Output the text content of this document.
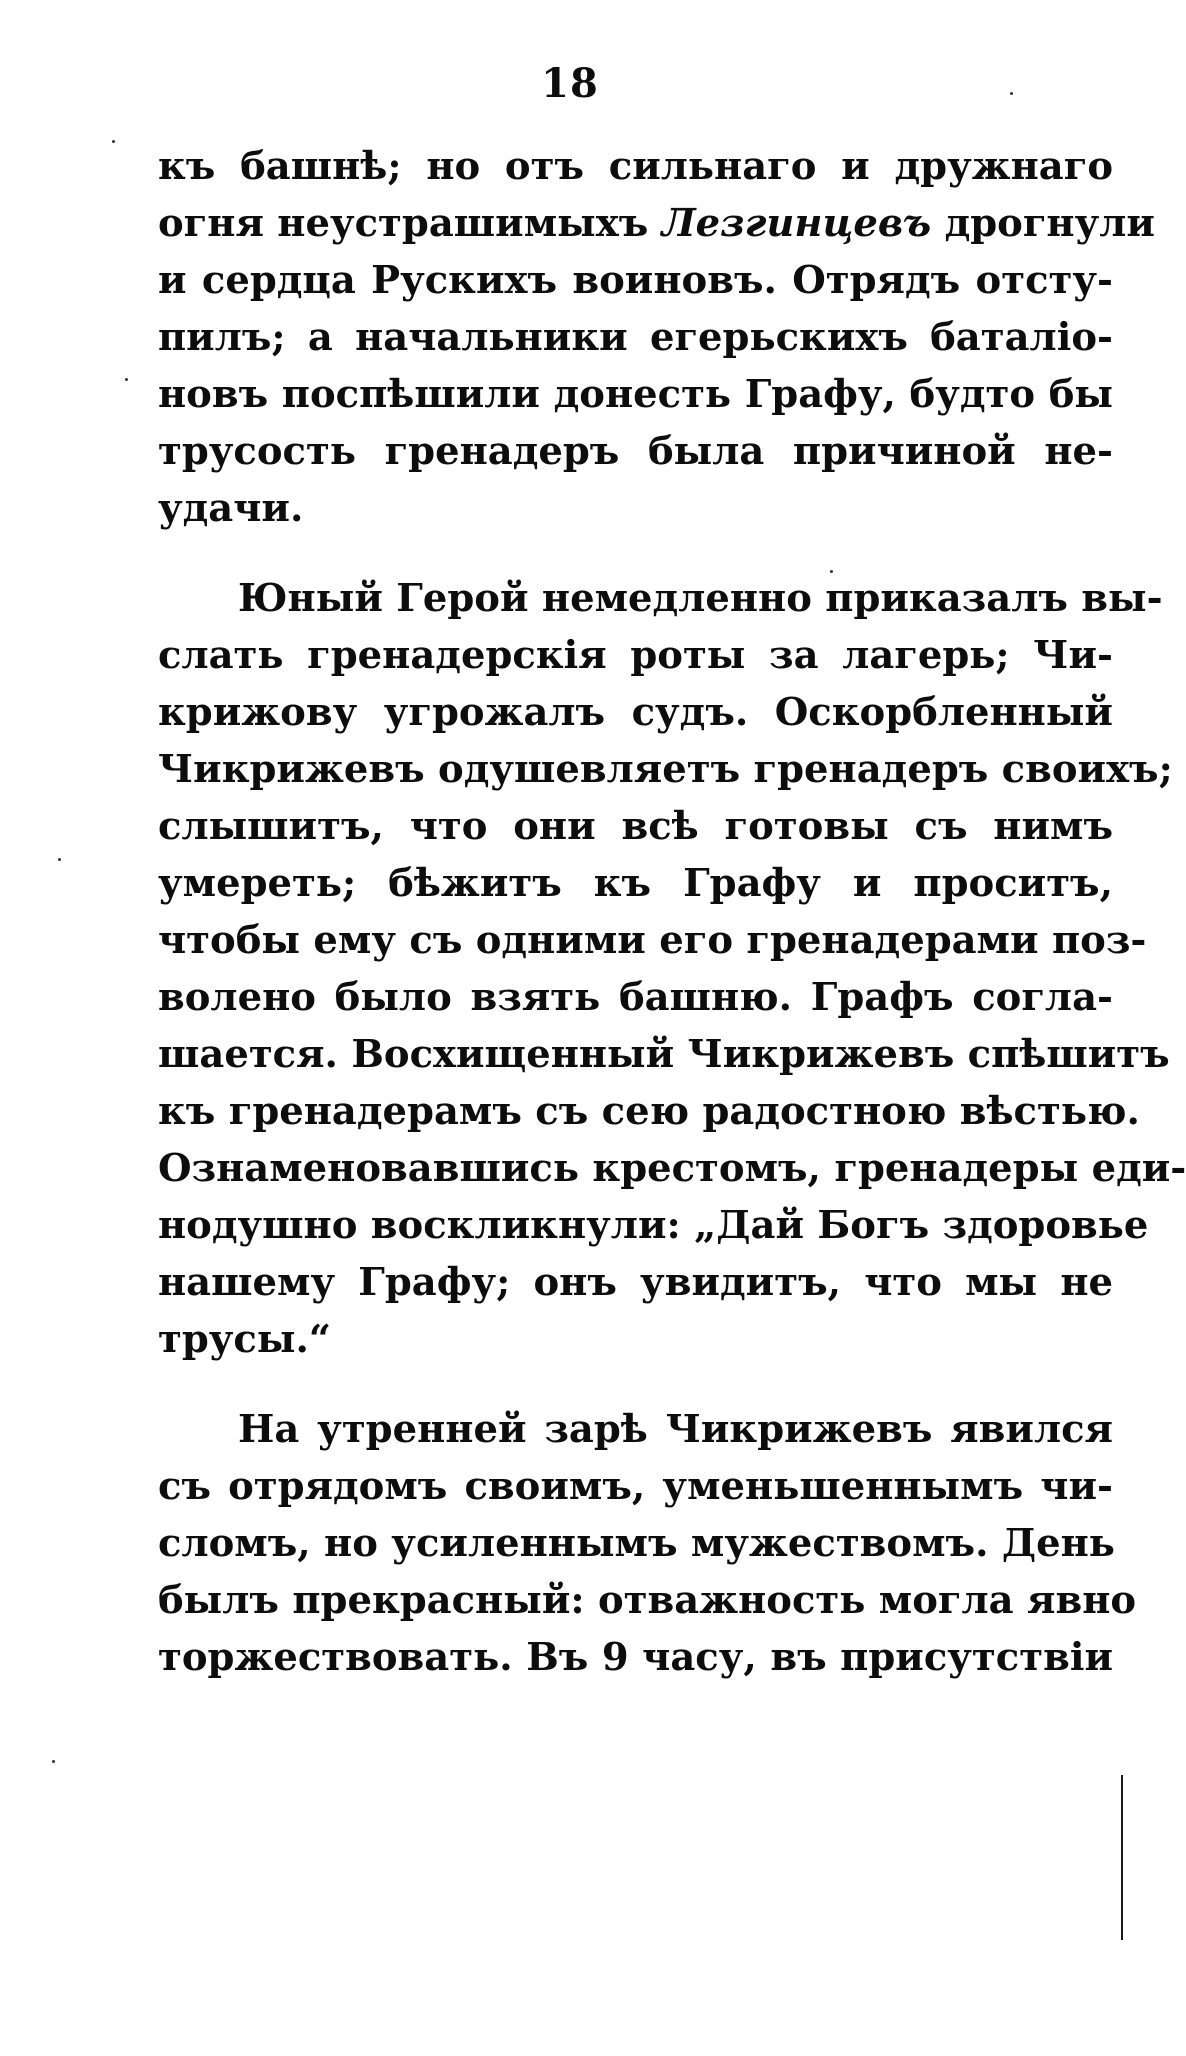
18
къ башнѣ; но отъ сильнаго и дружнаго
огня неустрашимыхъ Лезгинцевъ дрогнули
и сердца Рускихъ воиновъ. Отрядъ отсту-
пилъ; а начальники егерьскихъ баталіо-
новъ поспѣшили донесть Графу, будто бы
трусость гренадеръ была причиной не-
удачи.
Юный Герой немедленно приказалъ вы-
слать гренадерскія роты за лагерь; Чи-
крижову угрожалъ судъ. Оскорбленный
Чикрижевъ одушевляетъ гренадеръ своихъ;
слышитъ, что они всѣ готовы съ нимъ
умереть; бѣжитъ къ Графу и проситъ,
чтобы ему съ одними его гренадерами поз-
волено было взять башню. Графъ согла-
шается. Восхищенный Чикрижевъ спѣшитъ
къ гренадерамъ съ сею радостною вѣстью.
Ознаменовавшись крестомъ, гренадеры еди-
нодушно воскликнули: „Дай Богъ здоровье
нашему Графу; онъ увидитъ, что мы не
трусы.“
На утренней зарѣ Чикрижевъ явился
съ отрядомъ своимъ, уменьшеннымъ чи-
сломъ, но усиленнымъ мужествомъ. День
былъ прекрасный: отважность могла явно
торжествовать. Въ 9 часу, въ присутствіи
